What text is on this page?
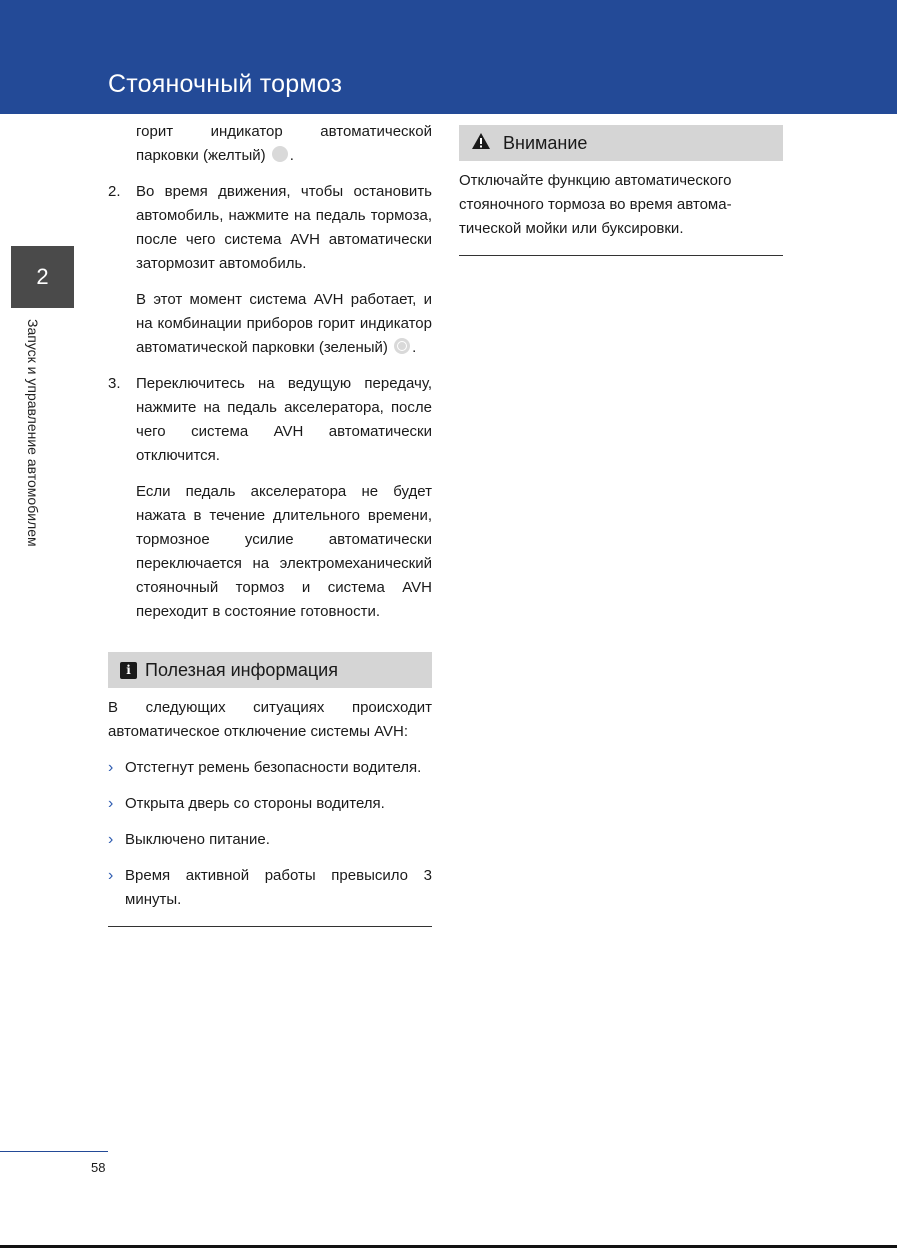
Стояночный тормоз
2
Запуск и управление автомобилем

горит индикатор автоматической парковки (желтый) .

2. Во время движения, чтобы остановить автомобиль, нажмите на педаль тормоза, после чего система AVH автоматически затормозит автомобиль.

В этот момент система AVH работает, и на комбинации приборов горит индикатор автоматической парковки (зеленый) .

3. Переключитесь на ведущую передачу, нажмите на педаль акселератора, после чего система AVH автоматически отключится.

Если педаль акселератора не будет нажата в течение длительного времени, тормозное усилие автоматически переключается на электромеханический стояночный тормоз и система AVH переходит в состояние готовности.

i Полезная информация

В следующих ситуациях происходит автоматическое отключение системы AVH:

› Отстегнут ремень безопасности водителя.
› Открыта дверь со стороны водителя.
› Выключено питание.
› Время активной работы превысило 3 минуты.
Внимание

Отключайте функцию автоматического стояночного тормоза во время автоматической мойки или буксировки.

58
